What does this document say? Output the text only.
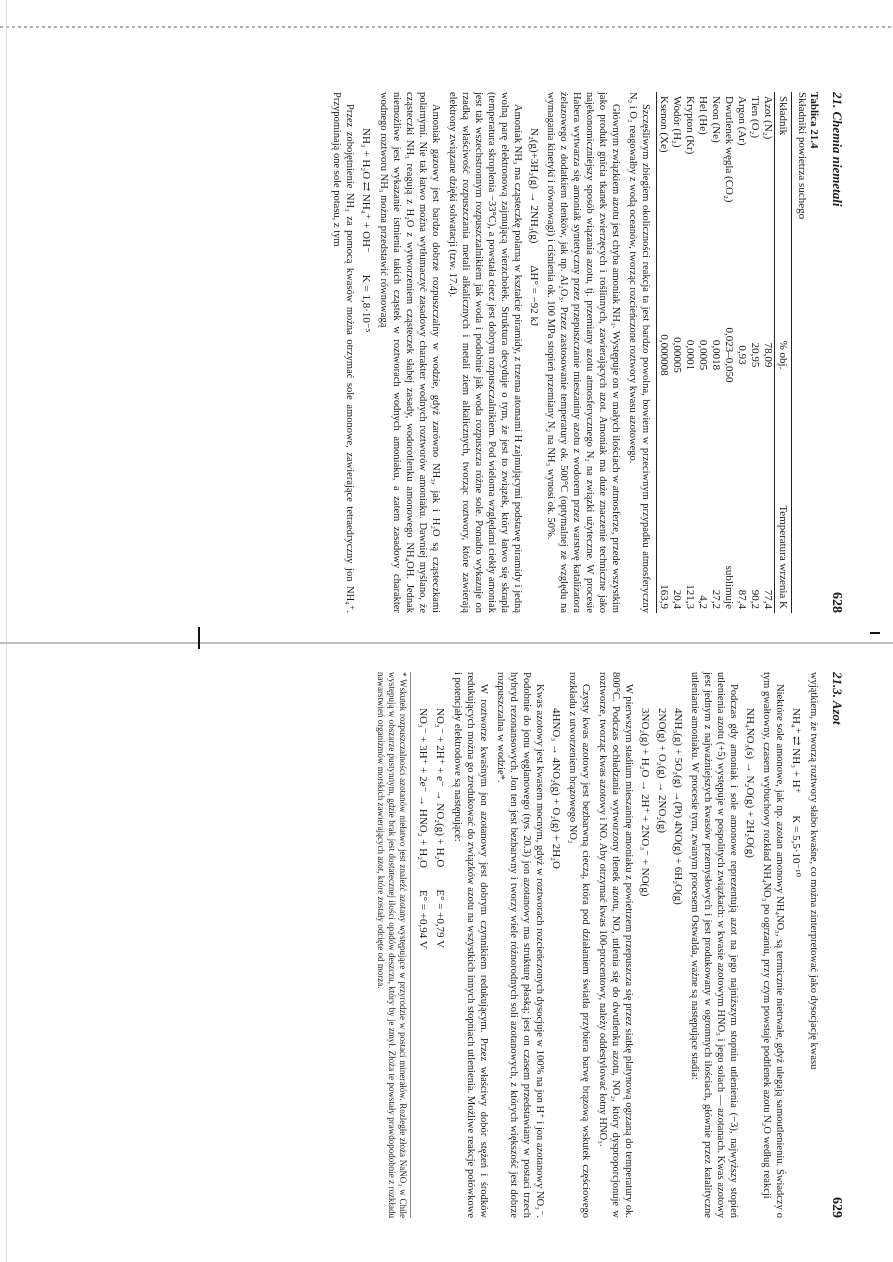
21. Chemia niemetali
628
Tablica 21.4
Składniki powietrza suchego
Składnik	% obj.	Temperatura wrzenia K
Azot (N₂)	78,09	77,4
Tlen (O₂)	20,95	90,2
Argon (Ar)	0,93	87,4
Dwutlenek węgla (CO₂)	0,023–0,050	sublimuje
Neon (Ne)	0,0018	27,2
Hel (He)	0,0005	4,2
Krypton (Kr)	0,0001	121,3
Wodór (H₂)	0,00005	20,4
Ksenon (Xe)	0,000008	163,9

Szczęśliwym zbiegiem okoliczności reakcja ta jest bardzo powolna, bowiem w przeciwnym przypadku atmosferyczny N₂ i O₂ reagowałby z wodą oceanów, tworząc rozcieńczone roztwory kwasu azotowego.

Głównym związkiem azotu jest chyba amoniak NH₃. Występuje on w małych ilościach w atmosferze, przede wszystkim jako produkt gnicia tkanek zwierzęcych i roślinnych, zawierających azot. Amoniak ma duże znaczenie techniczne jako najekonomiczniejszy sposób wiązania azotu, tj. przemiany azotu atmosferycznego N₂ na związki użyteczne. W procesie Habera wytwarza się amoniak syntetyczny przez przepuszczanie mieszaniny azotu z wodorem przez warstwę katalizatora żelazowego z dodatkiem tlenków, jak np. Al₂O₃. Przez zastosowanie temperatury ok. 500°C (optymalnej ze względu na wymagania kinetyki i równowagi) i ciśnienia ok. 100 MPa stopień przemiany N₂ na NH₃ wynosi ok. 50%.

N₂(g)+3H₂(g) → 2NH₃(g)        ΔH° = −92 kJ

Amoniak NH₃ ma cząsteczkę polarną w kształcie piramidy, z trzema atomami H zajmującymi podstawę piramidy i jedną wolną parę elektronową zajmującą wierzchołek. Struktura decyduje o tym, że jest to związek, który łatwo się skrapla (temperatura skroplenia −33°C), a powstała ciecz jest dobrym rozpuszczalnikiem. Pod wieloma względami ciekły amoniak jest tak wszechstronnym rozpuszczalnikiem jak woda i podobnie jak woda rozpuszcza różne sole. Ponadto wykazuje on rzadką właściwość rozpuszczania metali alkalicznych i metali ziem alkalicznych, tworząc roztwory, które zawierają elektrony związane dzięki solwatacji (tzw. 17.4).

Amoniak gazowy jest bardzo dobrze rozpuszczalny w wodzie, gdyż zarówno NH₃, jak i H₂O są cząsteczkami polarnymi. Nie tak łatwo można wytłumaczyć zasadowy charakter wodnych roztworów amoniaku. Dawniej myślano, że cząsteczki NH₃ reagują z H₂O z wytworzeniem cząsteczek słabej zasady, wodorotlenku amonowego NH₄OH. Jednak niemożliwe jest wykazanie istnienia takich cząstek w roztworach wodnych amoniaku, a zatem zasadowy charakter wodnego roztworu NH₃ można przedstawić równowagą

NH₃ + H₂O ⇄ NH₄⁺ + OH⁻        K = 1,8·10⁻⁵

Przez zobojętnienie NH₃ za pomocą kwasów można otrzymać sole amonowe, zawierające tetraedryczny jon NH₄⁺. Przypominają one sole potasu, z tym

21.3. Azot
629

wyjątkiem, że tworzą roztwory słabo kwaśne, co można zinterpretować jako dysocjację kwasu

NH₄⁺ ⇄ NH₃ + H⁺        K = 5,5·10⁻¹⁰

Niektóre sole amonowe, jak np. azotan amonowy NH₄NO₃, są termicznie nietrwałe, gdyż ulegają samoutlenieniu. Świadczy o tym gwałtowny, czasem wybuchowy rozkład NH₄NO₃ po ogrzaniu, przy czym powstaje podtlenek azotu N₂O według reakcji

NH₄NO₃(s) → N₂O(g) + 2H₂O(g)

Podczas gdy amoniak i sole amonowe reprezentują azot na jego najniższym stopniu utlenienia (−3), najwyższy stopień utlenienia azotu (+5) występuje w pospolitych związkach: w kwasie azotowym HNO₃ i jego solach — azotanach. Kwas azotowy jest jednym z najważniejszych kwasów przemysłowych i jest produkowany w ogromnych ilościach, głównie przez katalityczne utlenianie amoniaku. W procesie tym, zwanym procesem Ostwalda, ważne są następujące stadia:

4NH₃(g) + 5O₂(g) →(Pt) 4NO(g) + 6H₂O(g)
2NO(g) + O₂(g) → 2NO₂(g)
3NO₂(g) + H₂O → 2H⁺ + 2NO₃⁻ + NO(g)

W pierwszym stadium mieszaninę amoniaku z powietrzem przepuszcza się przez siatkę platynową ogrzaną do temperatury ok. 800°C. Podczas ochładzania wytworzony tlenek azotu, NO, utlenia się do dwutlenku azotu, NO₂, który dysproporcjonuje w roztworze, tworząc kwas azotowy i NO. Aby otrzymać kwas 100-procentowy, należy oddestylować łotny HNO₃.

Czysty kwas azotowy jest bezbarwną cieczą, która pod działaniem światła przybiera barwę brązową wskutek częściowego rozkładu z utworzeniem brązowego NO₂

4HNO₃ → 4NO₂(g) + O₂(g) + 2H₂O

Kwas azotowy jest kwasem mocnym, gdyż w roztworach rozcieńczonych dysocjuje w 100% na jon H⁺ i jon azotanowy NO₃⁻. Podobnie do jonu węglanowego (tys. 20.3) jon azotanowy ma strukturę płaską; jest on czasem przedstawiany w postaci trzech hybryd rezonansowych. Jon ten jest bezbarwny i tworzy wiele różnorodnych soli azotanowych, z których większość jest dobrze rozpuszczalna w wodzie*.

W roztworze kwaśnym jon azotanowy jest dobrym czynnikiem redukującym. Przez właściwy dobór stężeń i środków redukujących można go zredukować do związków azotu na wszystkich innych stopniach utlenienia. Możliwe reakcje połówkowe i potencjały elektrodowe są następujące:

NO₃⁻ + 2H⁺ + e⁻ → NO₂(g) + H₂O        E° = +0,79 V
NO₃⁻ + 3H⁺ + 2e⁻ → HNO₂ + H₂O        E° = +0,94 V
* Wskutek rozpuszczalności azotanów niełatwo jest znaleźć azotany występujące w przyrodzie w postaci minerałów. Rozległe złoża NaNO₃ w Chile występują w obszarze pustynnym, gdzie brak jest dostatecznej ilości opadów deszczu, który by je zmył. Złoża te powstały prawdopodobnie z rozkładu nawarstwień organizmów morskich zawierających azot, które zostały odcięte od morza.
